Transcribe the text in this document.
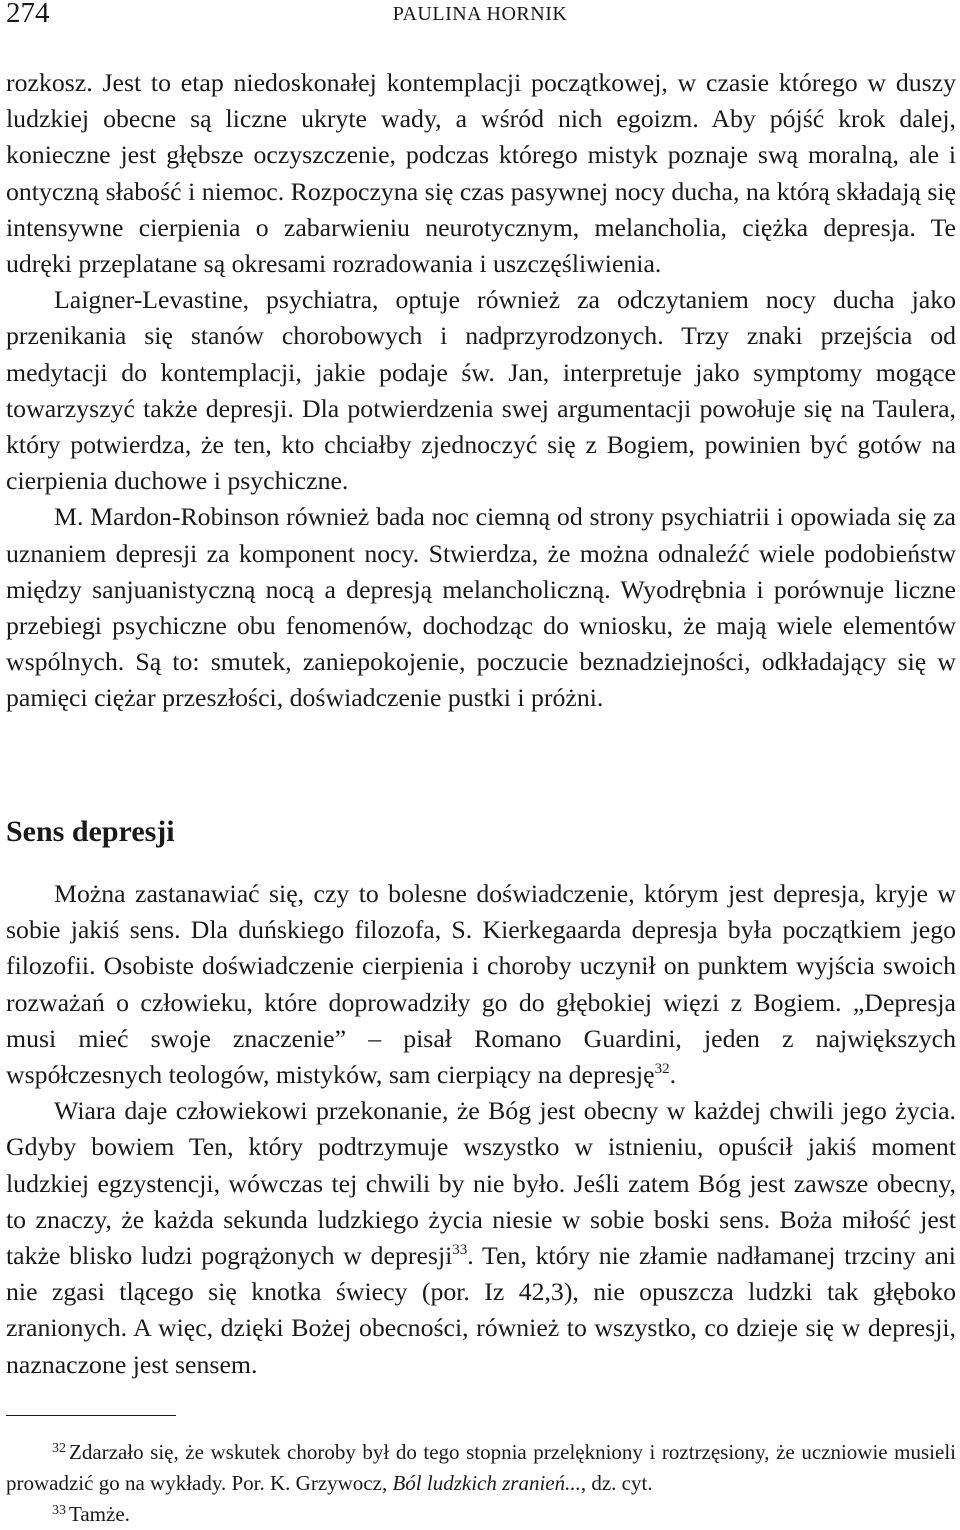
274	PAULINA HORNIK

rozkosz. Jest to etap niedoskonałej kontemplacji początkowej, w czasie którego w duszy ludzkiej obecne są liczne ukryte wady, a wśród nich egoizm. Aby pójść krok dalej, konieczne jest głębsze oczyszczenie, podczas którego mistyk poznaje swą moralną, ale i ontyczną słabość i niemoc. Rozpoczyna się czas pasywnej nocy ducha, na którą składają się intensywne cierpienia o zabarwieniu neurotycznym, melancholia, ciężka depresja. Te udręki przeplatane są okresami rozradowania i uszczęśliwienia.

Laigner-Levastine, psychiatra, optuje również za odczytaniem nocy ducha jako przenikania się stanów chorobowych i nadprzyrodzonych. Trzy znaki przejścia od medytacji do kontemplacji, jakie podaje św. Jan, interpretuje jako symptomy mogące towarzyszyć także depresji. Dla potwierdzenia swej argumentacji powołuje się na Taulera, który potwierdza, że ten, kto chciałby zjednoczyć się z Bogiem, powinien być gotów na cierpienia duchowe i psychiczne.

M. Mardon-Robinson również bada noc ciemną od strony psychiatrii i opowiada się za uznaniem depresji za komponent nocy. Stwierdza, że można odnaleźć wiele podobieństw między sanjuanistyczną nocą a depresją melancholiczną. Wyodrębnia i porównuje liczne przebiegi psychiczne obu fenomenów, dochodząc do wniosku, że mają wiele elementów wspólnych. Są to: smutek, zaniepokojenie, poczucie beznadziejności, odkładający się w pamięci ciężar przeszłości, doświadczenie pustki i próżni.

Sens depresji

Można zastanawiać się, czy to bolesne doświadczenie, którym jest depresja, kryje w sobie jakiś sens. Dla duńskiego filozofa, S. Kierkegaarda depresja była początkiem jego filozofii. Osobiste doświadczenie cierpienia i choroby uczynił on punktem wyjścia swoich rozważań o człowieku, które doprowadziły go do głębokiej więzi z Bogiem. „Depresja musi mieć swoje znaczenie” – pisał Romano Guardini, jeden z największych współczesnych teologów, mistyków, sam cierpiący na depresję$^{32}$.

Wiara daje człowiekowi przekonanie, że Bóg jest obecny w każdej chwili jego życia. Gdyby bowiem Ten, który podtrzymuje wszystko w istnieniu, opuścił jakiś moment ludzkiej egzystencji, wówczas tej chwili by nie było. Jeśli zatem Bóg jest zawsze obecny, to znaczy, że każda sekunda ludzkiego życia niesie w sobie boski sens. Boża miłość jest także blisko ludzi pogrążonych w depresji$^{33}$. Ten, który nie złamie nadłamanej trzciny ani nie zgasi tlącego się knotka świecy (por. Iz 42,3), nie opuszcza ludzki tak głęboko zranionych. A więc, dzięki Bożej obecności, również to wszystko, co dzieje się w depresji, naznaczone jest sensem.

$^{32}$ Zdarzało się, że wskutek choroby był do tego stopnia przelękniony i roztrzęsiony, że uczniowie musieli prowadzić go na wykłady. Por. K. Grzywocz, Ból ludzkich zranień..., dz. cyt.

$^{33}$ Tamże.
